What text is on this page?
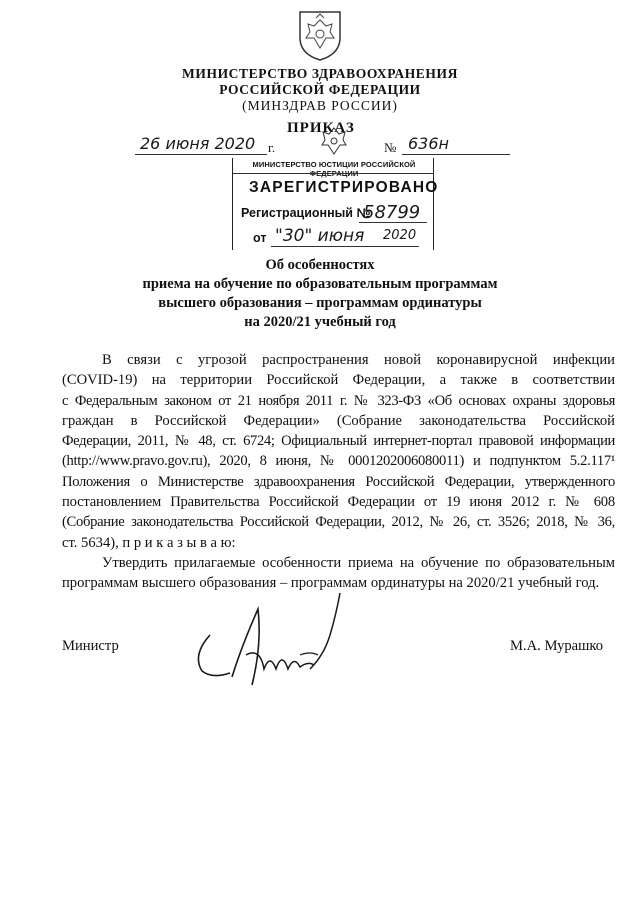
МИНИСТЕРСТВО ЗДРАВООХРАНЕНИЯ
РОССИЙСКОЙ ФЕДЕРАЦИИ
(МИНЗДРАВ РОССИИ)
ПРИКАЗ
26 июня 2020 г.	№ 636н
МИНИСТЕРСТВО ЮСТИЦИИ РОССИЙСКОЙ ФЕДЕРАЦИИ
ЗАРЕГИСТРИРОВАНО
Регистрационный №
58799
от "30" июня 2020
Об особенностях
приема на обучение по образовательным программам
высшего образования – программам ординатуры
на 2020/21 учебный год
В связи с угрозой распространения новой коронавирусной инфекции
(COVID-19) на территории Российской Федерации, а также в соответствии
с Федеральным законом от 21 ноября 2011 г. № 323-ФЗ «Об основах охраны здоровья
граждан в Российской Федерации» (Собрание законодательства Российской
Федерации, 2011, № 48, ст. 6724; Официальный интернет-портал правовой информации
(http://www.pravo.gov.ru), 2020, 8 июня, № 0001202006080011) и подпунктом 5.2.117¹
Положения о Министерстве здравоохранения Российской Федерации, утвержденного
постановлением Правительства Российской Федерации от 19 июня 2012 г. № 608
(Собрание законодательства Российской Федерации, 2012, № 26, ст. 3526; 2018, № 36,
ст. 5634), п р и к а з ы в а ю:
Утвердить прилагаемые особенности приема на обучение по образовательным
программам высшего образования – программам ординатуры на 2020/21 учебный год.
Министр	М.А. Мурашко
